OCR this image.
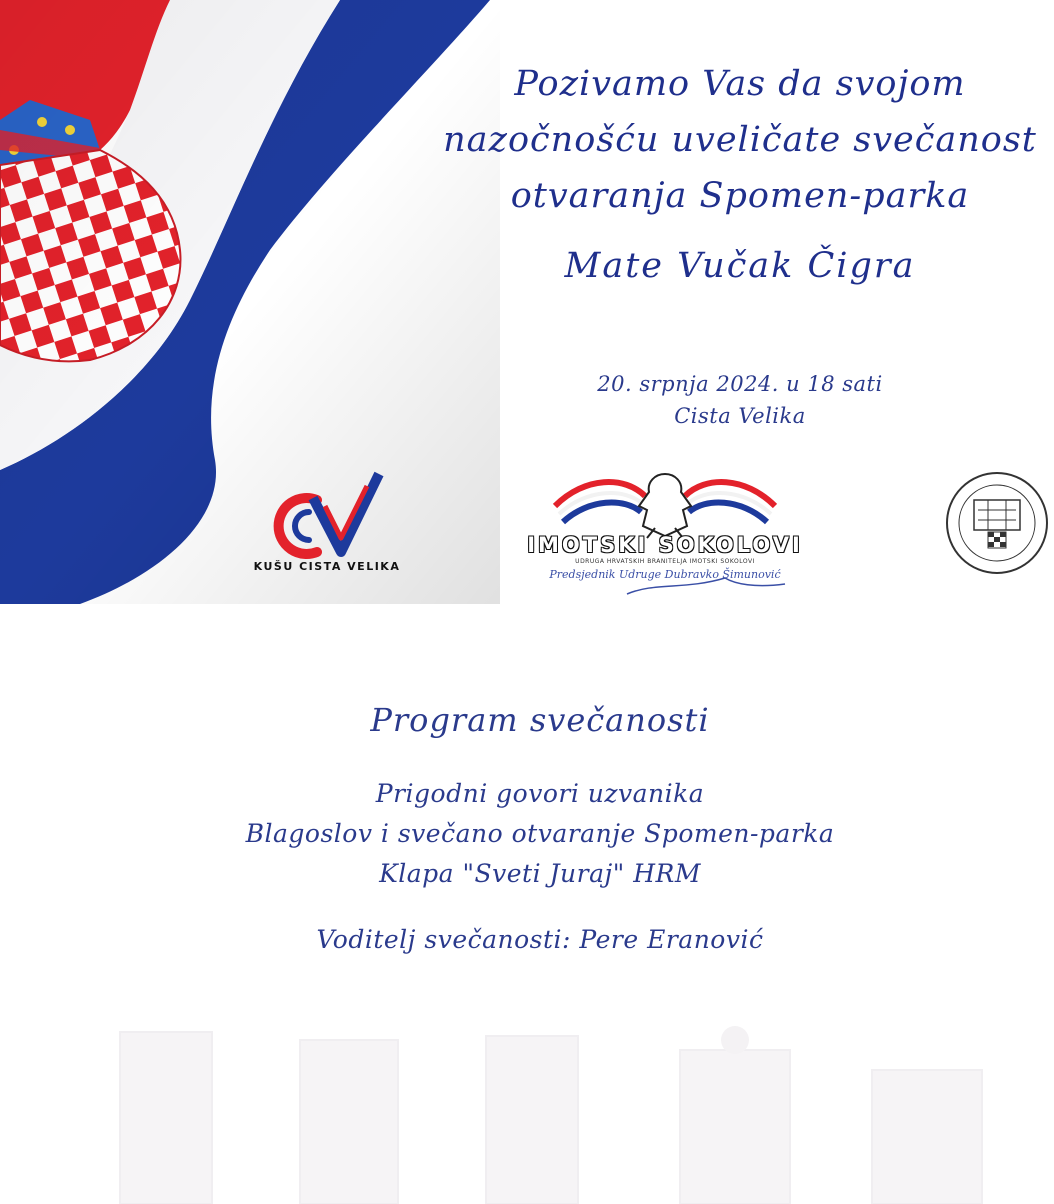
Pozivamo Vas da svojom
nazočnošću uveličate svečanost
otvaranja Spomen-parka
Mate Vučak Čigra
20. srpnja 2024. u 18 sati
Cista Velika
KUŠU CISTA VELIKA
IMOTSKI SOKOLOVI
UDRUGA HRVATSKIH BRANITELJA IMOTSKI SOKOLOVI
Predsjednik Udruge Dubravko Šimunović
Program svečanosti
Prigodni govori uzvanika
Blagoslov i svečano otvaranje Spomen-parka
Klapa "Sveti Juraj" HRM
Voditelj svečanosti: Pere Eranović
